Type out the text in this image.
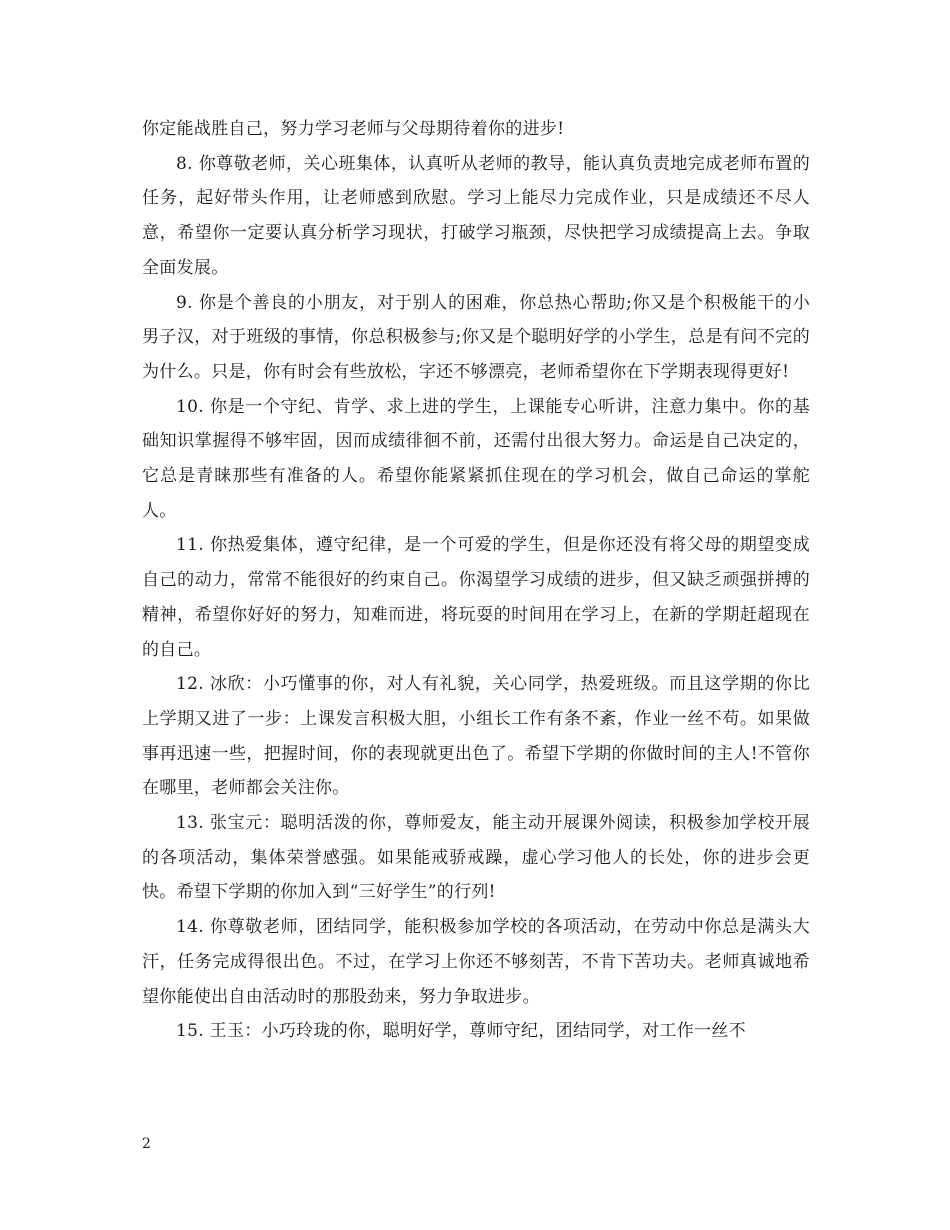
你定能战胜自己，努力学习老师与父母期待着你的进步!

8. 你尊敬老师，关心班集体，认真听从老师的教导，能认真负责地完成老师布置的任务，起好带头作用，让老师感到欣慰。学习上能尽力完成作业，只是成绩还不尽人意，希望你一定要认真分析学习现状，打破学习瓶颈，尽快把学习成绩提高上去。争取全面发展。

9. 你是个善良的小朋友，对于别人的困难，你总热心帮助;你又是个积极能干的小男子汉，对于班级的事情，你总积极参与;你又是个聪明好学的小学生，总是有问不完的为什么。只是，你有时会有些放松，字还不够漂亮，老师希望你在下学期表现得更好!

10. 你是一个守纪、肯学、求上进的学生，上课能专心听讲，注意力集中。你的基础知识掌握得不够牢固，因而成绩徘徊不前，还需付出很大努力。命运是自己决定的，它总是青睐那些有准备的人。希望你能紧紧抓住现在的学习机会，做自己命运的掌舵人。

11. 你热爱集体，遵守纪律，是一个可爱的学生，但是你还没有将父母的期望变成自己的动力，常常不能很好的约束自己。你渴望学习成绩的进步，但又缺乏顽强拼搏的精神，希望你好好的努力，知难而进，将玩耍的时间用在学习上，在新的学期赶超现在的自己。

12. 冰欣：小巧懂事的你，对人有礼貌，关心同学，热爱班级。而且这学期的你比上学期又进了一步：上课发言积极大胆，小组长工作有条不紊，作业一丝不苟。如果做事再迅速一些，把握时间，你的表现就更出色了。希望下学期的你做时间的主人!不管你在哪里，老师都会关注你。

13. 张宝元：聪明活泼的你，尊师爱友，能主动开展课外阅读，积极参加学校开展的各项活动，集体荣誉感强。如果能戒骄戒躁，虚心学习他人的长处，你的进步会更快。希望下学期的你加入到“三好学生”的行列!

14. 你尊敬老师，团结同学，能积极参加学校的各项活动，在劳动中你总是满头大汗，任务完成得很出色。不过，在学习上你还不够刻苦，不肯下苦功夫。老师真诚地希望你能使出自由活动时的那股劲来，努力争取进步。

15. 王玉：小巧玲珑的你，聪明好学，尊师守纪，团结同学，对工作一丝不

2
